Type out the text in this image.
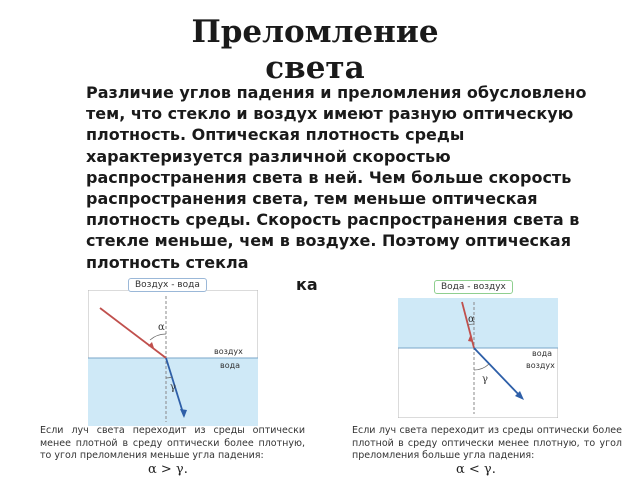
Преломление света
Различие углов падения и преломления обусловлено тем, что стекло и воздух имеют разную оптическую плотность. Оптическая плотность среды характеризуется различной скоростью распространения света в ней. Чем больше скорость распространения света, тем меньше оптическая плотность среды. Скорость распространения света в стекле меньше, чем в воздухе. Поэтому оптическая плотность стекла
ка
α
γ
воздух
вода
Воздух - вода
Если луч света переходит из среды оптически менее плотной в среду оптически более плотную, то угол преломления меньше угла падения:
α > γ.
α
γ
вода
воздух
Вода - воздух
Если луч света переходит из среды оптически более плотной в среду оптически менее плотную, то угол преломления больше угла падения:
α < γ.
